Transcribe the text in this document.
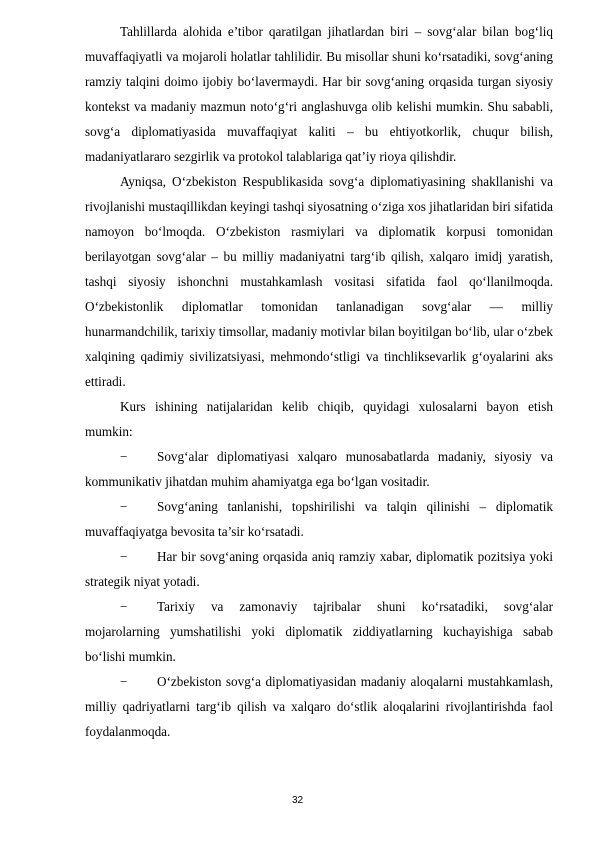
Tahlillarda alohida e’tibor qaratilgan jihatlardan biri – sovg‘alar bilan bog‘liq muvaffaqiyatli va mojaroli holatlar tahlilidir. Bu misollar shuni ko‘rsatadiki, sovg‘aning ramziy talqini doimo ijobiy bo‘lavermaydi. Har bir sovg‘aning orqasida turgan siyosiy kontekst va madaniy mazmun noto‘g‘ri anglashuvga olib kelishi mumkin. Shu sababli, sovg‘a diplomatiyasida muvaffaqiyat kaliti – bu ehtiyotkorlik, chuqur bilish, madaniyatlararo sezgirlik va protokol talablariga qat’iy rioya qilishdir.

Ayniqsa, O‘zbekiston Respublikasida sovg‘a diplomatiyasining shakllanishi va rivojlanishi mustaqillikdan keyingi tashqi siyosatning o‘ziga xos jihatlaridan biri sifatida namoyon bo‘lmoqda. O‘zbekiston rasmiylari va diplomatik korpusi tomonidan berilayotgan sovg‘alar – bu milliy madaniyatni targ‘ib qilish, xalqaro imidj yaratish, tashqi siyosiy ishonchni mustahkamlash vositasi sifatida faol qo‘llanilmoqda. O‘zbekistonlik diplomatlar tomonidan tanlanadigan sovg‘alar — milliy hunarmandchilik, tarixiy timsollar, madaniy motivlar bilan boyitilgan bo‘lib, ular o‘zbek xalqining qadimiy sivilizatsiyasi, mehmondo‘stligi va tinchliksevarlik g‘oyalarini aks ettiradi.

Kurs ishining natijalaridan kelib chiqib, quyidagi xulosalarni bayon etish mumkin:

−	Sovg‘alar diplomatiyasi xalqaro munosabatlarda madaniy, siyosiy va kommunikativ jihatdan muhim ahamiyatga ega bo‘lgan vositadir.
−	Sovg‘aning tanlanishi, topshirilishi va talqin qilinishi – diplomatik muvaffaqiyatga bevosita ta’sir ko‘rsatadi.
−	Har bir sovg‘aning orqasida aniq ramziy xabar, diplomatik pozitsiya yoki strategik niyat yotadi.
−	Tarixiy va zamonaviy tajribalar shuni ko‘rsatadiki, sovg‘alar mojarolarning yumshatilishi yoki diplomatik ziddiyatlarning kuchayishiga sabab bo‘lishi mumkin.
−	O‘zbekiston sovg‘a diplomatiyasidan madaniy aloqalarni mustahkamlash, milliy qadriyatlarni targ‘ib qilish va xalqaro do‘stlik aloqalarini rivojlantirishda faol foydalanmoqda.
32
